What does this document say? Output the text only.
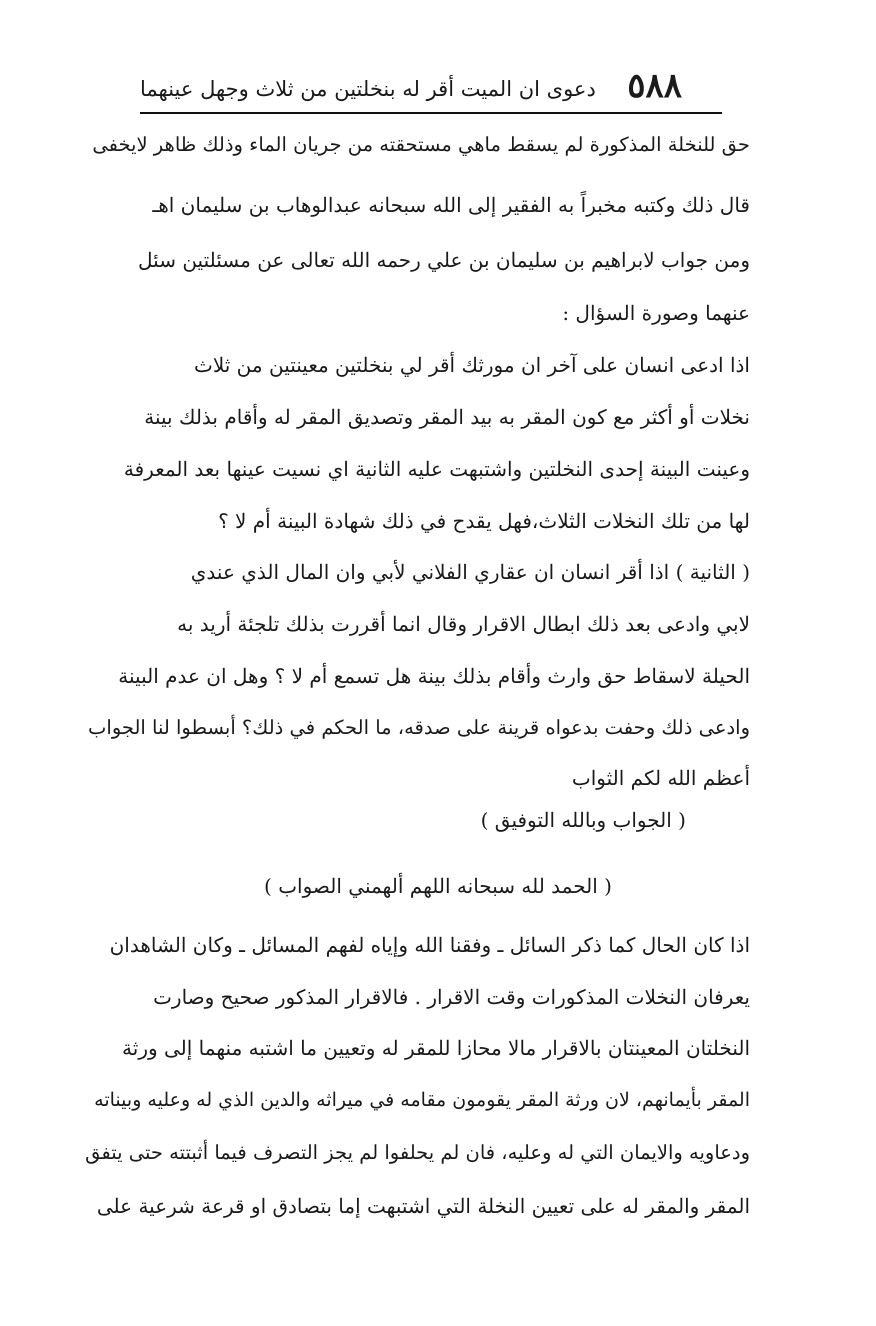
٥٨٨
دعوى ان الميت أقر له بنخلتين من ثلاث وجهل عينهما
حق للنخلة المذكورة لم يسقط ماهي مستحقته من جريان الماء وذلك ظاهر لايخفى
قال ذلك وكتبه مخبراً به الفقير إلى الله سبحانه عبدالوهاب بن سليمان اهـ
ومن جواب لابراهيم بن سليمان بن علي رحمه الله تعالى عن مسئلتين سئل
عنهما وصورة السؤال :
اذا ادعى انسان على آخر ان مورثك أقر لي بنخلتين معينتين من ثلاث
نخلات أو أكثر مع كون المقر به بيد المقر وتصديق المقر له وأقام بذلك بينة
وعينت البينة إحدى النخلتين واشتبهت عليه الثانية اي نسيت عينها بعد المعرفة
لها من تلك النخلات الثلاث،فهل يقدح في ذلك شهادة البينة أم لا ؟
( الثانية ) اذا أقر انسان ان عقاري الفلاني لأبي وان المال الذي عندي
لابي وادعى بعد ذلك ابطال الاقرار وقال انما أقررت بذلك تلجئة أريد به
الحيلة لاسقاط حق وارث وأقام بذلك بينة هل تسمع أم لا ؟ وهل ان عدم البينة
وادعى ذلك وحفت بدعواه قرينة على صدقه، ما الحكم في ذلك؟ أبسطوا لنا الجواب
أعظم الله لكم الثواب
( الجواب وبالله التوفيق )
( الحمد لله سبحانه اللهم ألهمني الصواب )
اذا كان الحال كما ذكر السائل ـ وفقنا الله وإياه لفهم المسائل ـ وكان الشاهدان
يعرفان النخلات المذكورات وقت الاقرار . فالاقرار المذكور صحيح وصارت
النخلتان المعينتان بالاقرار مالا محازا للمقر له وتعيين ما اشتبه منهما إلى ورثة
المقر بأيمانهم، لان ورثة المقر يقومون مقامه في ميراثه والدين الذي له وعليه وبيناته
ودعاويه والايمان التي له وعليه، فان لم يحلفوا لم يجز التصرف فيما أثبتته حتى يتفق
المقر والمقر له على تعيين النخلة التي اشتبهت إما بتصادق او قرعة شرعية على
